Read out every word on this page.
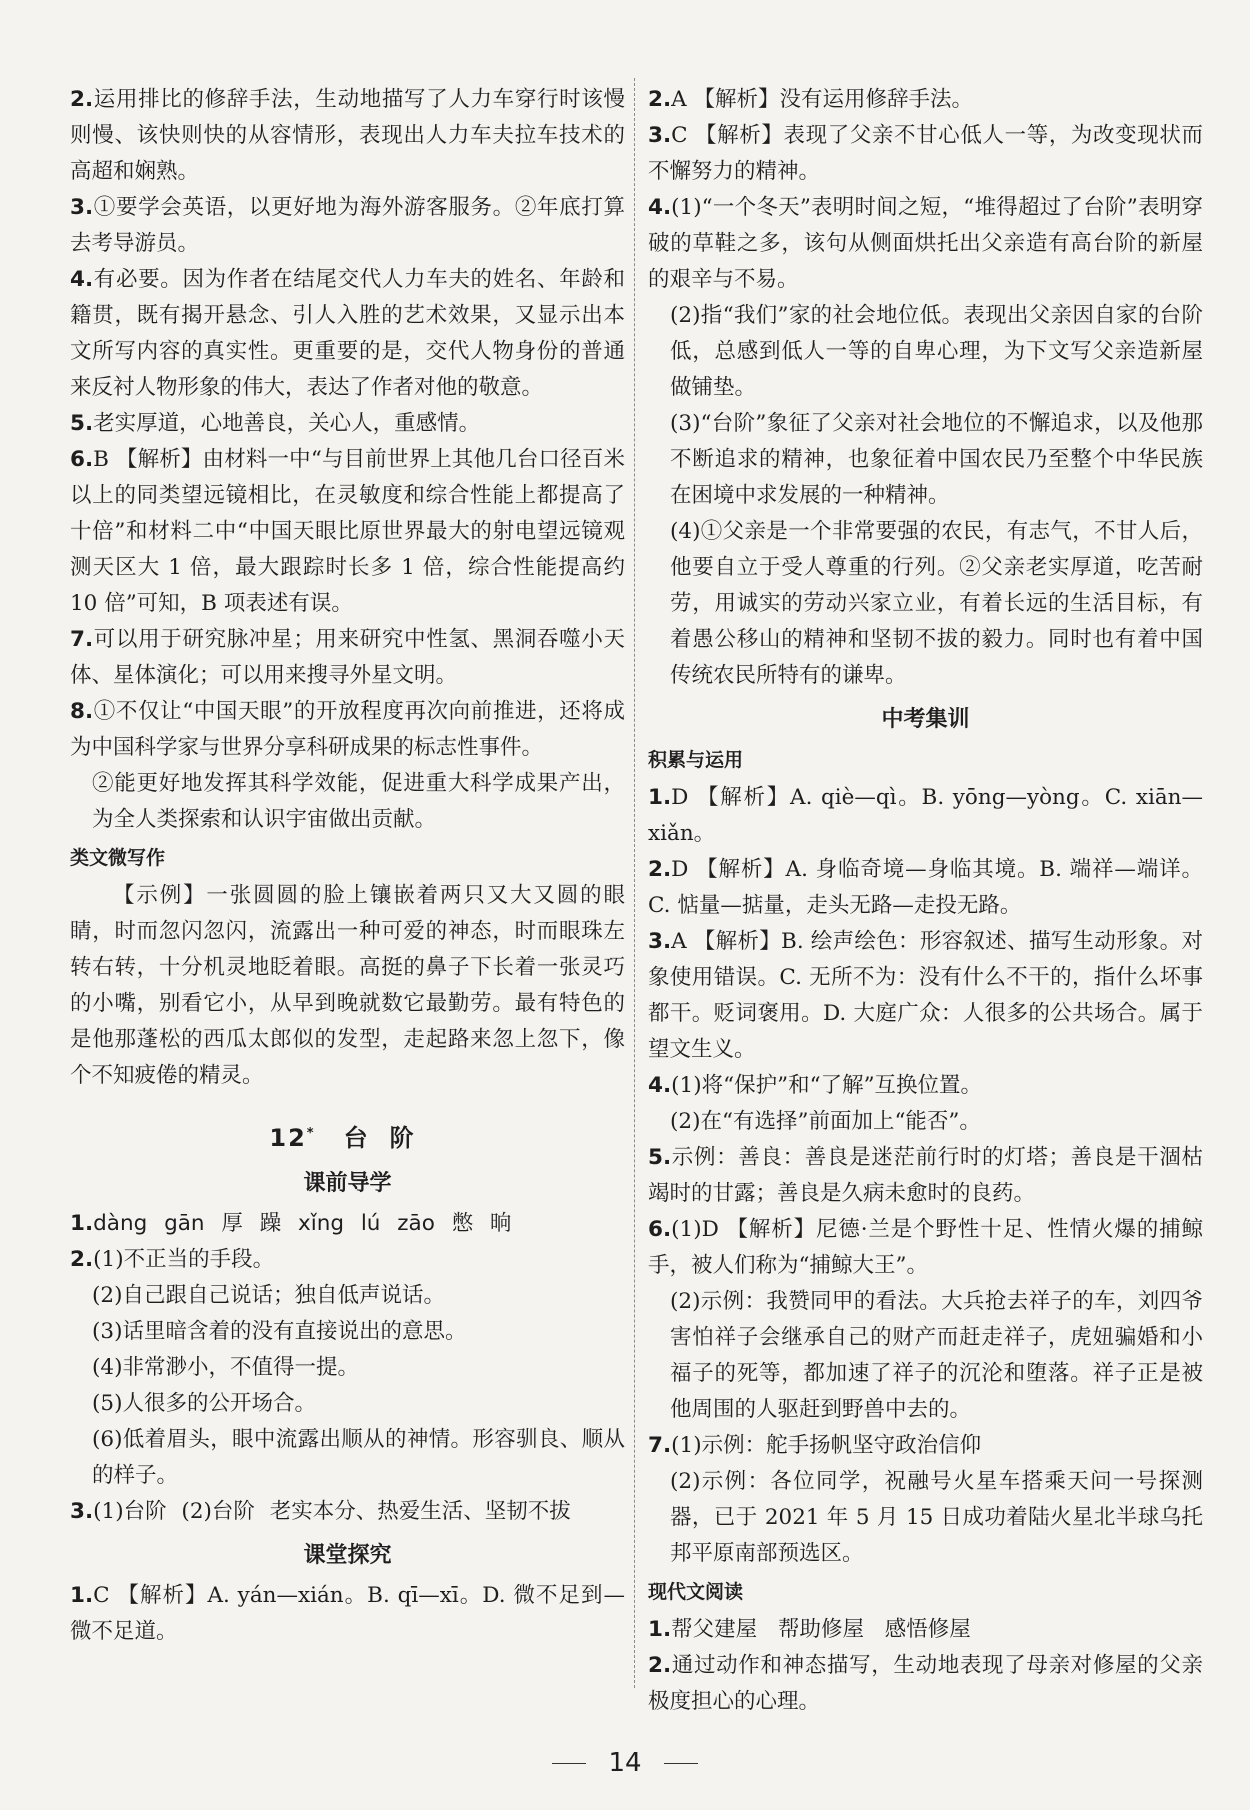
2.运用排比的修辞手法，生动地描写了人力车穿行时该慢则慢、该快则快的从容情形，表现出人力车夫拉车技术的高超和娴熟。
3.①要学会英语，以更好地为海外游客服务。②年底打算去考导游员。
4.有必要。因为作者在结尾交代人力车夫的姓名、年龄和籍贯，既有揭开悬念、引人入胜的艺术效果，又显示出本文所写内容的真实性。更重要的是，交代人物身份的普通来反衬人物形象的伟大，表达了作者对他的敬意。
5.老实厚道，心地善良，关心人，重感情。
6.B 【解析】由材料一中“与目前世界上其他几台口径百米以上的同类望远镜相比，在灵敏度和综合性能上都提高了十倍”和材料二中“中国天眼比原世界最大的射电望远镜观测天区大 1 倍，最大跟踪时长多 1 倍，综合性能提高约 10 倍”可知，B 项表述有误。
7.可以用于研究脉冲星；用来研究中性氢、黑洞吞噬小天体、星体演化；可以用来搜寻外星文明。
8.①不仅让“中国天眼”的开放程度再次向前推进，还将成为中国科学家与世界分享科研成果的标志性事件。
②能更好地发挥其科学效能，促进重大科学成果产出，为全人类探索和认识宇宙做出贡献。
类文微写作
【示例】一张圆圆的脸上镶嵌着两只又大又圆的眼睛，时而忽闪忽闪，流露出一种可爱的神态，时而眼珠左转右转，十分机灵地眨着眼。高挺的鼻子下长着一张灵巧的小嘴，别看它小，从早到晚就数它最勤劳。最有特色的是他那蓬松的西瓜太郎似的发型，走起路来忽上忽下，像个不知疲倦的精灵。
12* 台 阶
课前导学
1.dàng gān 厚 躁 xǐng lú zāo 憋 晌
2.(1)不正当的手段。
(2)自己跟自己说话；独自低声说话。
(3)话里暗含着的没有直接说出的意思。
(4)非常渺小，不值得一提。
(5)人很多的公开场合。
(6)低着眉头，眼中流露出顺从的神情。形容驯良、顺从的样子。
3.(1)台阶 (2)台阶 老实本分、热爱生活、坚韧不拔
课堂探究
1.C 【解析】A. yán—xián。B. qī—xī。D. 微不足到—微不足道。
2.A 【解析】没有运用修辞手法。
3.C 【解析】表现了父亲不甘心低人一等，为改变现状而不懈努力的精神。
4.(1)“一个冬天”表明时间之短，“堆得超过了台阶”表明穿破的草鞋之多，该句从侧面烘托出父亲造有高台阶的新屋的艰辛与不易。
(2)指“我们”家的社会地位低。表现出父亲因自家的台阶低，总感到低人一等的自卑心理，为下文写父亲造新屋做铺垫。
(3)“台阶”象征了父亲对社会地位的不懈追求，以及他那不断追求的精神，也象征着中国农民乃至整个中华民族在困境中求发展的一种精神。
(4)①父亲是一个非常要强的农民，有志气，不甘人后，他要自立于受人尊重的行列。②父亲老实厚道，吃苦耐劳，用诚实的劳动兴家立业，有着长远的生活目标，有着愚公移山的精神和坚韧不拔的毅力。同时也有着中国传统农民所特有的谦卑。
中考集训
积累与运用
1.D 【解析】A. qiè—qì。B. yōng—yòng。C. xiān—xiǎn。
2.D 【解析】A. 身临奇境—身临其境。B. 端祥—端详。C. 惦量—掂量，走头无路—走投无路。
3.A 【解析】B. 绘声绘色：形容叙述、描写生动形象。对象使用错误。C. 无所不为：没有什么不干的，指什么坏事都干。贬词褒用。D. 大庭广众：人很多的公共场合。属于望文生义。
4.(1)将“保护”和“了解”互换位置。
(2)在“有选择”前面加上“能否”。
5.示例：善良：善良是迷茫前行时的灯塔；善良是干涸枯竭时的甘露；善良是久病未愈时的良药。
6.(1)D 【解析】尼德·兰是个野性十足、性情火爆的捕鲸手，被人们称为“捕鲸大王”。
(2)示例：我赞同甲的看法。大兵抢去祥子的车，刘四爷害怕祥子会继承自己的财产而赶走祥子，虎妞骗婚和小福子的死等，都加速了祥子的沉沦和堕落。祥子正是被他周围的人驱赶到野兽中去的。
7.(1)示例：舵手扬帆坚守政治信仰
(2)示例：各位同学，祝融号火星车搭乘天问一号探测器，已于 2021 年 5 月 15 日成功着陆火星北半球乌托邦平原南部预选区。
现代文阅读
1.帮父建屋 帮助修屋 感悟修屋
2.通过动作和神态描写，生动地表现了母亲对修屋的父亲极度担心的心理。
14
